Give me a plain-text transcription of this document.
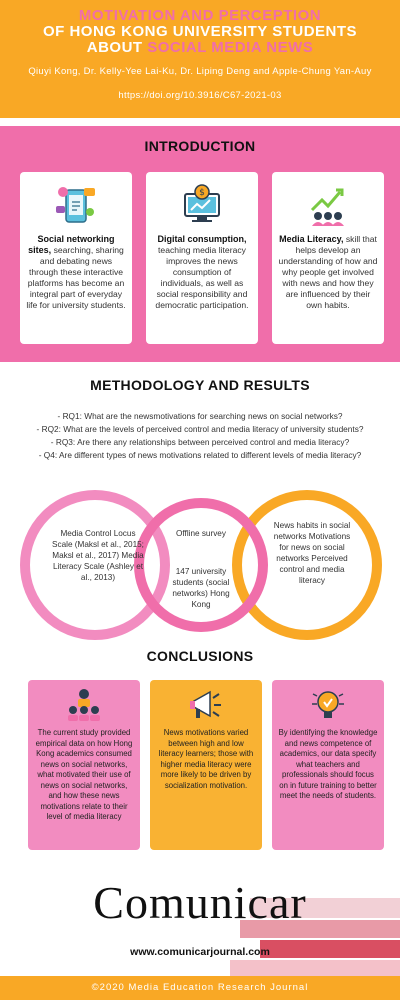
MOTIVATION AND PERCEPTION
OF HONG KONG UNIVERSITY STUDENTS
ABOUT SOCIAL MEDIA NEWS
Qiuyi Kong, Dr. Kelly-Yee Lai-Ku, Dr. Liping Deng and Apple-Chung Yan-Auy
https://doi.org/10.3916/C67-2021-03
INTRODUCTION
Social networking sites, searching, sharing and debating news through these interactive platforms has become an integral part of everyday life for university students.
$
Digital consumption, teaching media literacy improves the news consumption of individuals, as well as social responsibility and democratic participation.
Media Literacy, skill that helps develop an understanding of how and why people get involved with news and how they are influenced by their own habits.
METHODOLOGY AND RESULTS
- RQ1: What are the newsmotivations for searching news on social networks?
- RQ2: What are the levels of perceived control and media literacy of university students?
- RQ3: Are there any relationships between perceived control and media literacy?
- Q4: Are different types of news motivations related to different levels of media literacy?
Media Control Locus Scale (Maksl et al., 2015; Maksl et al., 2017) Media Literacy Scale (Ashley et al., 2013)
Offline survey
147 university students (social networks) Hong Kong
News habits in social networks Motivations for news on social networks Perceived control and media literacy
CONCLUSIONS
The current study provided empirical data on how Hong Kong academics consumed news on social networks, what motivated their use of news on social networks, and how these news motivations relate to their level of media literacy
News motivations varied between high and low literacy learners; those with higher media literacy were more likely to be driven by socialization motivation.
By identifying the knowledge and news competence of academics, our data specify what teachers and professionals should focus on in future training to better meet the needs of students.
Comunicar
www.comunicarjournal.com
©2020 Media Education Research Journal
